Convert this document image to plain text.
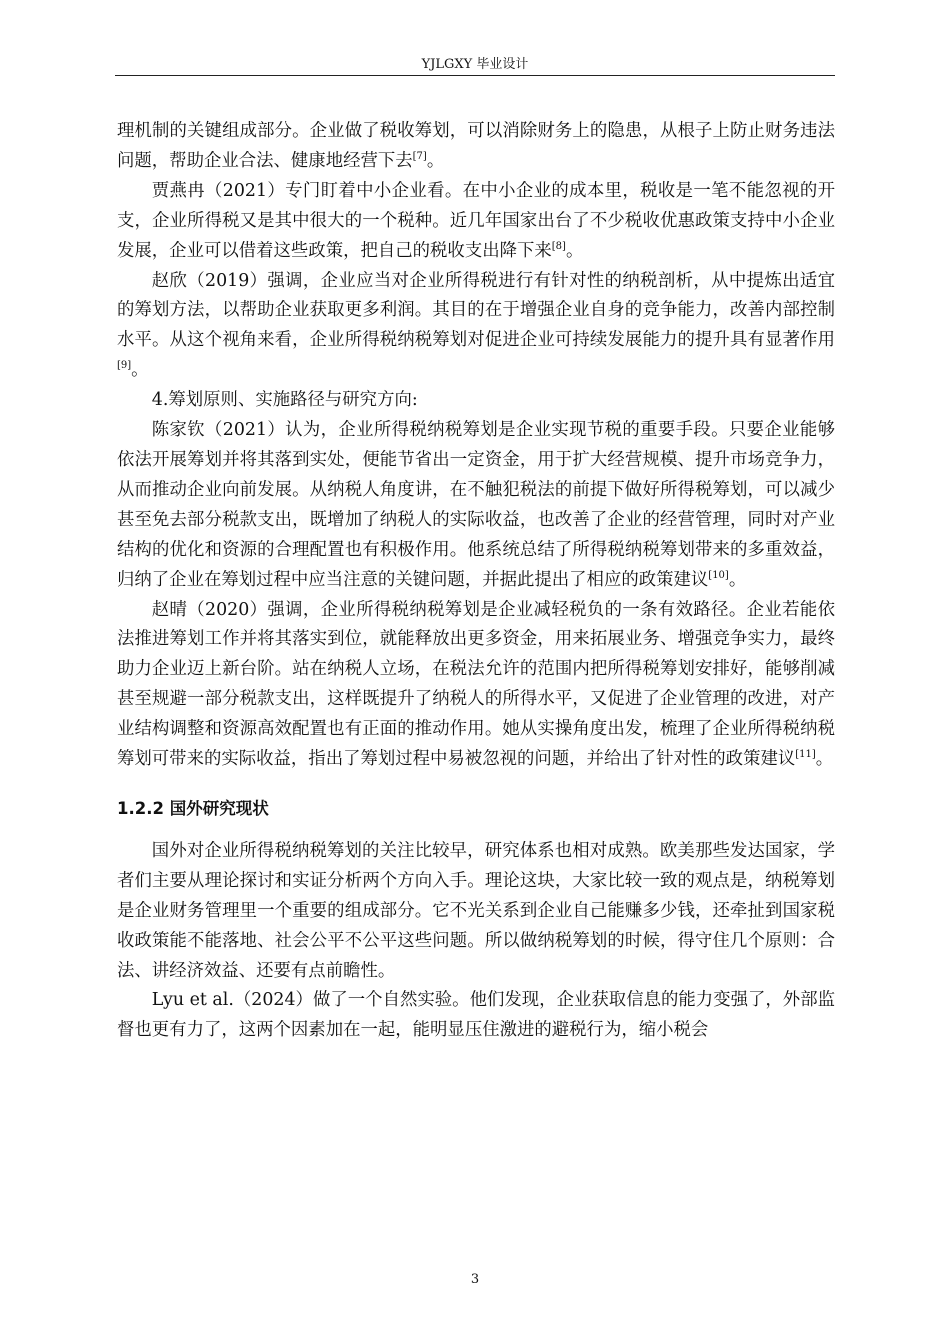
YJLGXY 毕业设计

理机制的关键组成部分。企业做了税收筹划，可以消除财务上的隐患，从根子上防止财务违法问题，帮助企业合法、健康地经营下去[7]。

贾燕冉（2021）专门盯着中小企业看。在中小企业的成本里，税收是一笔不能忽视的开支，企业所得税又是其中很大的一个税种。近几年国家出台了不少税收优惠政策支持中小企业发展，企业可以借着这些政策，把自己的税收支出降下来[8]。

赵欣（2019）强调，企业应当对企业所得税进行有针对性的纳税剖析，从中提炼出适宜的筹划方法，以帮助企业获取更多利润。其目的在于增强企业自身的竞争能力，改善内部控制水平。从这个视角来看，企业所得税纳税筹划对促进企业可持续发展能力的提升具有显著作用[9]。

4.筹划原则、实施路径与研究方向:

陈家钦（2021）认为，企业所得税纳税筹划是企业实现节税的重要手段。只要企业能够依法开展筹划并将其落到实处，便能节省出一定资金，用于扩大经营规模、提升市场竞争力，从而推动企业向前发展。从纳税人角度讲，在不触犯税法的前提下做好所得税筹划，可以减少甚至免去部分税款支出，既增加了纳税人的实际收益，也改善了企业的经营管理，同时对产业结构的优化和资源的合理配置也有积极作用。他系统总结了所得税纳税筹划带来的多重效益，归纳了企业在筹划过程中应当注意的关键问题，并据此提出了相应的政策建议[10]。

赵晴（2020）强调，企业所得税纳税筹划是企业减轻税负的一条有效路径。企业若能依法推进筹划工作并将其落实到位，就能释放出更多资金，用来拓展业务、增强竞争实力，最终助力企业迈上新台阶。站在纳税人立场，在税法允许的范围内把所得税筹划安排好，能够削减甚至规避一部分税款支出，这样既提升了纳税人的所得水平，又促进了企业管理的改进，对产业结构调整和资源高效配置也有正面的推动作用。她从实操角度出发，梳理了企业所得税纳税筹划可带来的实际收益，指出了筹划过程中易被忽视的问题，并给出了针对性的政策建议[11]。

1.2.2 国外研究现状

国外对企业所得税纳税筹划的关注比较早，研究体系也相对成熟。欧美那些发达国家，学者们主要从理论探讨和实证分析两个方向入手。理论这块，大家比较一致的观点是，纳税筹划是企业财务管理里一个重要的组成部分。它不光关系到企业自己能赚多少钱，还牵扯到国家税收政策能不能落地、社会公平不公平这些问题。所以做纳税筹划的时候，得守住几个原则：合法、讲经济效益、还要有点前瞻性。

Lyu et al.（2024）做了一个自然实验。他们发现，企业获取信息的能力变强了，外部监督也更有力了，这两个因素加在一起，能明显压住激进的避税行为，缩小税会

3
